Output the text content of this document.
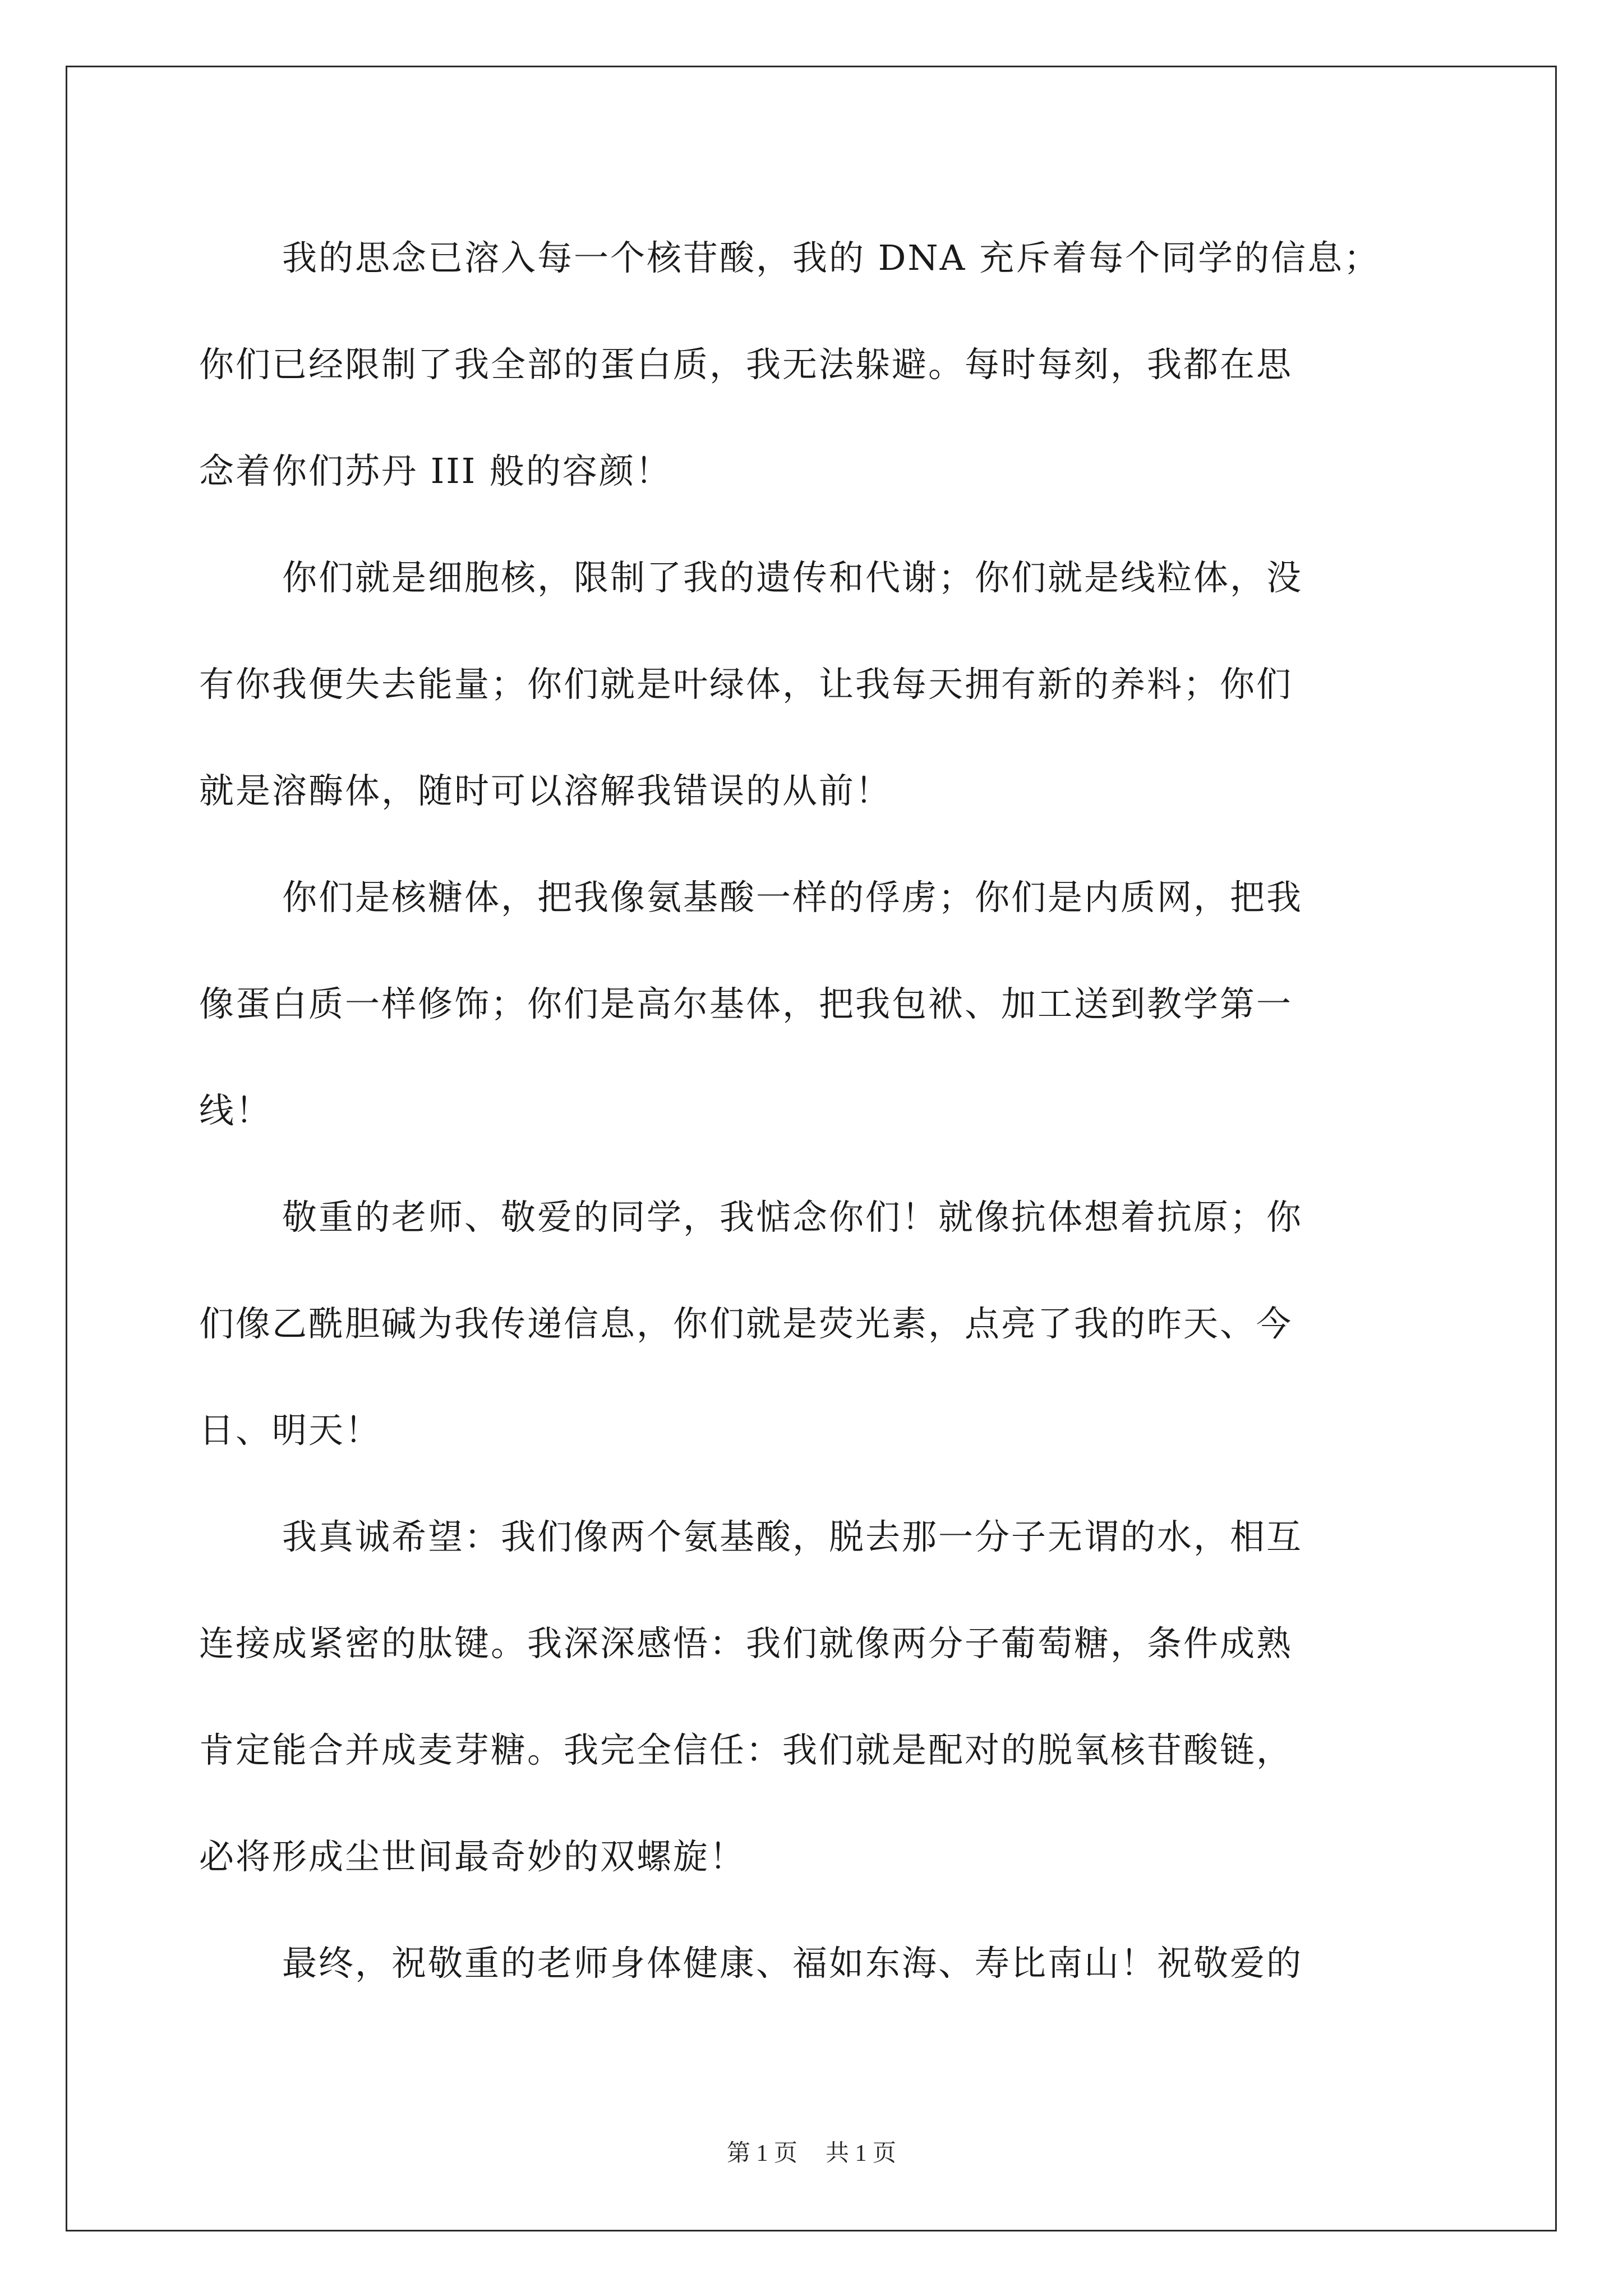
我的思念已溶入每一个核苷酸，我的 DNA 充斥着每个同学的信息；
你们已经限制了我全部的蛋白质，我无法躲避。每时每刻，我都在思
念着你们苏丹 III 般的容颜！
你们就是细胞核，限制了我的遗传和代谢；你们就是线粒体，没
有你我便失去能量；你们就是叶绿体，让我每天拥有新的养料；你们
就是溶酶体，随时可以溶解我错误的从前！
你们是核糖体，把我像氨基酸一样的俘虏；你们是内质网，把我
像蛋白质一样修饰；你们是高尔基体，把我包袱、加工送到教学第一
线！
敬重的老师、敬爱的同学，我惦念你们！就像抗体想着抗原；你
们像乙酰胆碱为我传递信息，你们就是荧光素，点亮了我的昨天、今
日、明天！
我真诚希望：我们像两个氨基酸，脱去那一分子无谓的水，相互
连接成紧密的肽键。我深深感悟：我们就像两分子葡萄糖，条件成熟
肯定能合并成麦芽糖。我完全信任：我们就是配对的脱氧核苷酸链，
必将形成尘世间最奇妙的双螺旋！
最终，祝敬重的老师身体健康、福如东海、寿比南山！祝敬爱的
第 1 页 共 1 页
